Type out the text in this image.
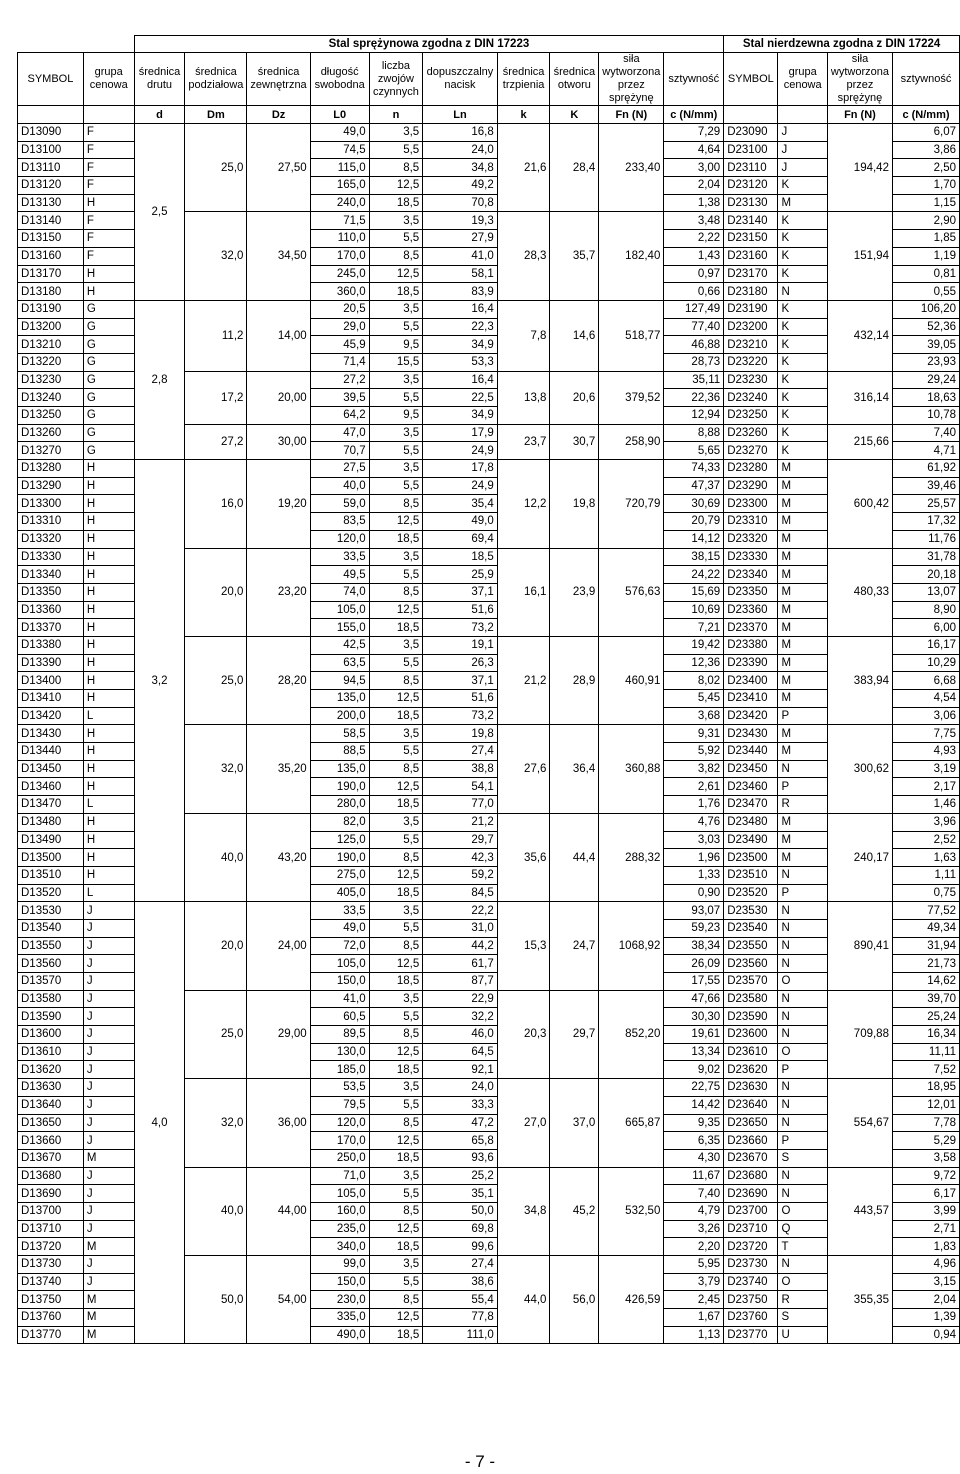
		Stal sprężynowa zgodna z DIN 17223										Stal nierdzewna zgodna z DIN 17224			
SYMBOL	grupa cenowa	średnica drutu	średnica podziałowa	średnica zewnętrzna	długość swobodna	liczba zwojów czynnych	dopuszczalny nacisk	średnica trzpienia	średnica otworu	siła wytworzona przez sprężynę	sztywność	SYMBOL	grupa cenowa	siła wytworzona przez sprężynę	sztywność
		d	Dm	Dz	L0	n	Ln	k	K	Fn (N)	c (N/mm)			Fn (N)	c (N/mm)
D13090	F	2,5	25,0	27,50	49,0	3,5	16,8	21,6	28,4	233,40	7,29	D23090	J	194,42	6,07
D13100	F				74,5	5,5	24,0				4,64	D23100	J		3,86
D13110	F				115,0	8,5	34,8				3,00	D23110	J		2,50
D13120	F				165,0	12,5	49,2				2,04	D23120	K		1,70
D13130	H				240,0	18,5	70,8				1,38	D23130	M		1,15
D13140	F		32,0	34,50	71,5	3,5	19,3	28,3	35,7	182,40	3,48	D23140	K	151,94	2,90
D13150	F				110,0	5,5	27,9				2,22	D23150	K		1,85
D13160	F				170,0	8,5	41,0				1,43	D23160	K		1,19
D13170	H				245,0	12,5	58,1				0,97	D23170	K		0,81
D13180	H				360,0	18,5	83,9				0,66	D23180	N		0,55
D13190	G	2,8	11,2	14,00	20,5	3,5	16,4	7,8	14,6	518,77	127,49	D23190	K	432,14	106,20
D13200	G				29,0	5,5	22,3				77,40	D23200	K		52,36
D13210	G				45,9	9,5	34,9				46,88	D23210	K		39,05
D13220	G				71,4	15,5	53,3				28,73	D23220	K		23,93
D13230	G		17,2	20,00	27,2	3,5	16,4	13,8	20,6	379,52	35,11	D23230	K	316,14	29,24
D13240	G				39,5	5,5	22,5				22,36	D23240	K		18,63
D13250	G				64,2	9,5	34,9				12,94	D23250	K		10,78
D13260	G		27,2	30,00	47,0	3,5	17,9	23,7	30,7	258,90	8,88	D23260	K	215,66	7,40
D13270	G				70,7	5,5	24,9				5,65	D23270	K		4,71
D13280	H	3,2	16,0	19,20	27,5	3,5	17,8	12,2	19,8	720,79	74,33	D23280	M	600,42	61,92
D13290	H				40,0	5,5	24,9				47,37	D23290	M		39,46
D13300	H				59,0	8,5	35,4				30,69	D23300	M		25,57
D13310	H				83,5	12,5	49,0				20,79	D23310	M		17,32
D13320	H				120,0	18,5	69,4				14,12	D23320	M		11,76
D13330	H		20,0	23,20	33,5	3,5	18,5	16,1	23,9	576,63	38,15	D23330	M	480,33	31,78
D13340	H				49,5	5,5	25,9				24,22	D23340	M		20,18
D13350	H				74,0	8,5	37,1				15,69	D23350	M		13,07
D13360	H				105,0	12,5	51,6				10,69	D23360	M		8,90
D13370	H				155,0	18,5	73,2				7,21	D23370	M		6,00
D13380	H		25,0	28,20	42,5	3,5	19,1	21,2	28,9	460,91	19,42	D23380	M	383,94	16,17
D13390	H				63,5	5,5	26,3				12,36	D23390	M		10,29
D13400	H				94,5	8,5	37,1				8,02	D23400	M		6,68
D13410	H				135,0	12,5	51,6				5,45	D23410	M		4,54
D13420	L				200,0	18,5	73,2				3,68	D23420	P		3,06
D13430	H		32,0	35,20	58,5	3,5	19,8	27,6	36,4	360,88	9,31	D23430	M	300,62	7,75
D13440	H				88,5	5,5	27,4				5,92	D23440	M		4,93
D13450	H				135,0	8,5	38,8				3,82	D23450	N		3,19
D13460	H				190,0	12,5	54,1				2,61	D23460	P		2,17
D13470	L				280,0	18,5	77,0				1,76	D23470	R		1,46
D13480	H		40,0	43,20	82,0	3,5	21,2	35,6	44,4	288,32	4,76	D23480	M	240,17	3,96
D13490	H				125,0	5,5	29,7				3,03	D23490	M		2,52
D13500	H				190,0	8,5	42,3				1,96	D23500	M		1,63
D13510	H				275,0	12,5	59,2				1,33	D23510	N		1,11
D13520	L				405,0	18,5	84,5				0,90	D23520	P		0,75
D13530	J	4,0	20,0	24,00	33,5	3,5	22,2	15,3	24,7	1068,92	93,07	D23530	N	890,41	77,52
D13540	J				49,0	5,5	31,0				59,23	D23540	N		49,34
D13550	J				72,0	8,5	44,2				38,34	D23550	N		31,94
D13560	J				105,0	12,5	61,7				26,09	D23560	N		21,73
D13570	J				150,0	18,5	87,7				17,55	D23570	O		14,62
D13580	J		25,0	29,00	41,0	3,5	22,9	20,3	29,7	852,20	47,66	D23580	N	709,88	39,70
D13590	J				60,5	5,5	32,2				30,30	D23590	N		25,24
D13600	J				89,5	8,5	46,0				19,61	D23600	N		16,34
D13610	J				130,0	12,5	64,5				13,34	D23610	O		11,11
D13620	J				185,0	18,5	92,1				9,02	D23620	P		7,52
D13630	J		32,0	36,00	53,5	3,5	24,0	27,0	37,0	665,87	22,75	D23630	N	554,67	18,95
D13640	J				79,5	5,5	33,3				14,42	D23640	N		12,01
D13650	J				120,0	8,5	47,2				9,35	D23650	N		7,78
D13660	J				170,0	12,5	65,8				6,35	D23660	P		5,29
D13670	M				250,0	18,5	93,6				4,30	D23670	S		3,58
D13680	J		40,0	44,00	71,0	3,5	25,2	34,8	45,2	532,50	11,67	D23680	N	443,57	9,72
D13690	J				105,0	5,5	35,1				7,40	D23690	N		6,17
D13700	J				160,0	8,5	50,0				4,79	D23700	O		3,99
D13710	J				235,0	12,5	69,8				3,26	D23710	Q		2,71
D13720	M				340,0	18,5	99,6				2,20	D23720	T		1,83
D13730	J		50,0	54,00	99,0	3,5	27,4	44,0	56,0	426,59	5,95	D23730	N	355,35	4,96
D13740	J				150,0	5,5	38,6				3,79	D23740	O		3,15
D13750	M				230,0	8,5	55,4				2,45	D23750	R		2,04
D13760	M				335,0	12,5	77,8				1,67	D23760	S		1,39
D13770	M				490,0	18,5	111,0				1,13	D23770	U		0,94
- 7 -
